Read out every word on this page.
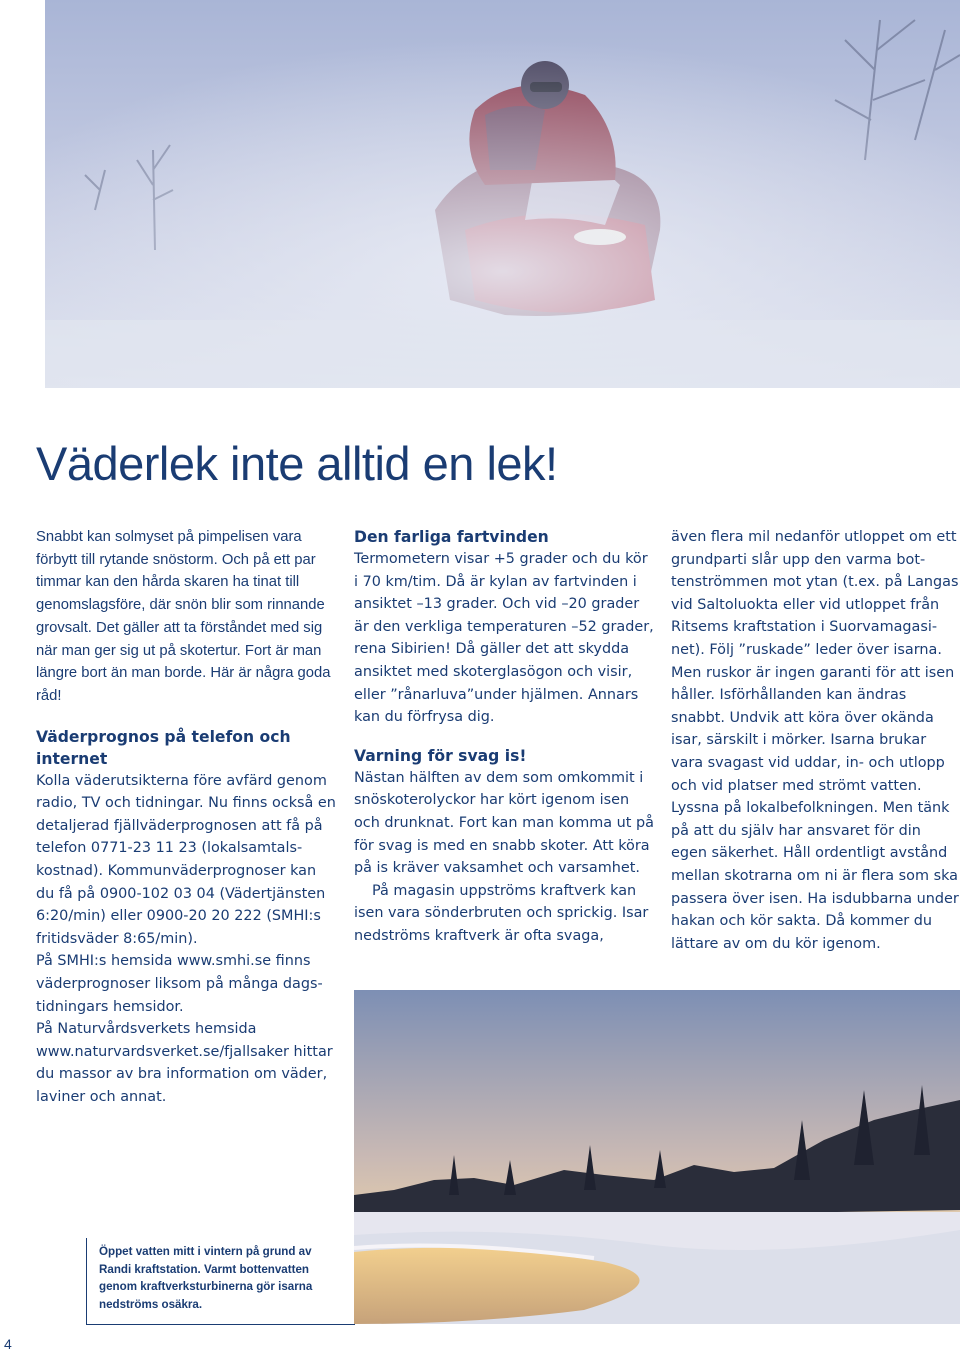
Väderlek inte alltid en lek!

Snabbt kan solmyset på pimpelisen vara förbytt till rytande snöstorm. Och på ett par timmar kan den hårda skaren ha tinat till genomslagsföre, där snön blir som rinnande grovsalt. Det gäller att ta förståndet med sig när man ger sig ut på skotertur. Fort är man längre bort än man borde. Här är några goda råd!

Väderprognos på telefon och internet

Kolla väderutsikterna före avfärd genom radio, TV och tidningar. Nu finns också en detaljerad fjällväderprognosen att få på telefon 0771-23 11 23 (lokalsamtalskostnad). Kommunväderprognoser kan du få på 0900-102 03 04 (Vädertjänsten 6:20/min) eller 0900-20 20 222 (SMHI:s fritidsväder 8:65/min).

På SMHI:s hemsida www.smhi.se finns väderprognoser liksom på många dagstidningars hemsidor.

På Naturvårdsverkets hemsida www.naturvardsverket.se/fjallsaker hittar du massor av bra information om väder, laviner och annat.

Den farliga fartvinden

Termometern visar +5 grader och du kör i 70 km/tim. Då är kylan av fartvinden i ansiktet –13 grader. Och vid –20 grader är den verkliga temperaturen –52 grader, rena Sibirien! Då gäller det att skydda ansiktet med skoterglasögon och visir, eller ”rånarluva”under hjälmen. Annars kan du förfrysa dig.

Varning för svag is!

Nästan hälften av dem som omkommit i snöskoterolyckor har kört igenom isen och drunknat. Fort kan man komma ut på för svag is med en snabb skoter. Att köra på is kräver vaksamhet och varsamhet.

På magasin uppströms kraftverk kan isen vara sönderbruten och sprickig. Isar nedströms kraftverk är ofta svaga,

även flera mil nedanför utloppet om ett grundparti slår upp den varma bottenströmmen mot ytan (t.ex. på Langas vid Saltoluokta eller vid utloppet från Ritsems kraftstation i Suorvamagasinet). Följ ”ruskade” leder över isarna. Men ruskor är ingen garanti för att isen håller. Isförhållanden kan ändras snabbt. Undvik att köra över okända isar, särskilt i mörker. Isarna brukar vara svagast vid uddar, in- och utlopp och vid platser med strömt vatten. Lyssna på lokalbefolkningen. Men tänk på att du själv har ansvaret för din egen säkerhet. Håll ordentligt avstånd mellan skotrarna om ni är flera som ska passera över isen. Ha isdubbarna under hakan och kör sakta. Då kommer du lättare av om du kör igenom.

Öppet vatten mitt i vintern på grund av Randi kraftstation. Varmt bottenvatten genom kraftverksturbinerna gör isarna nedströms osäkra.
4
